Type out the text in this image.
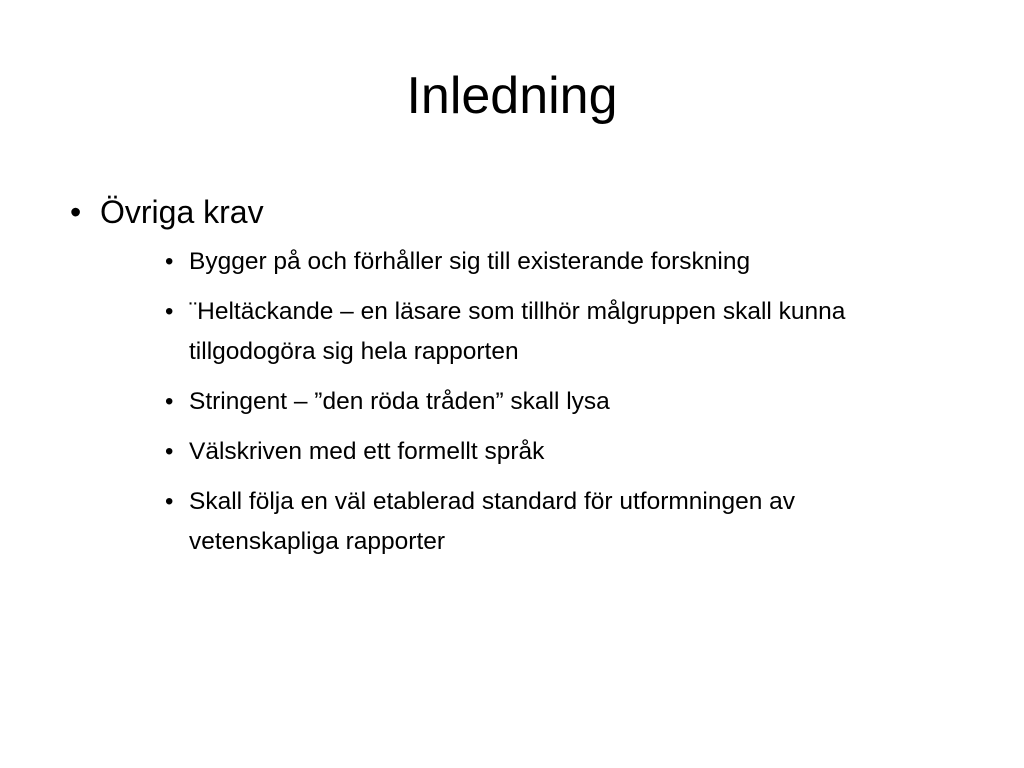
Inledning
• Övriga krav
• Bygger på och förhåller sig till existerande forskning
• ¨Heltäckande – en läsare som tillhör målgruppen skall kunna tillgodogöra sig hela rapporten
• Stringent – ”den röda tråden” skall lysa
• Välskriven med ett formellt språk
• Skall följa en väl etablerad standard för utformningen av vetenskapliga rapporter
